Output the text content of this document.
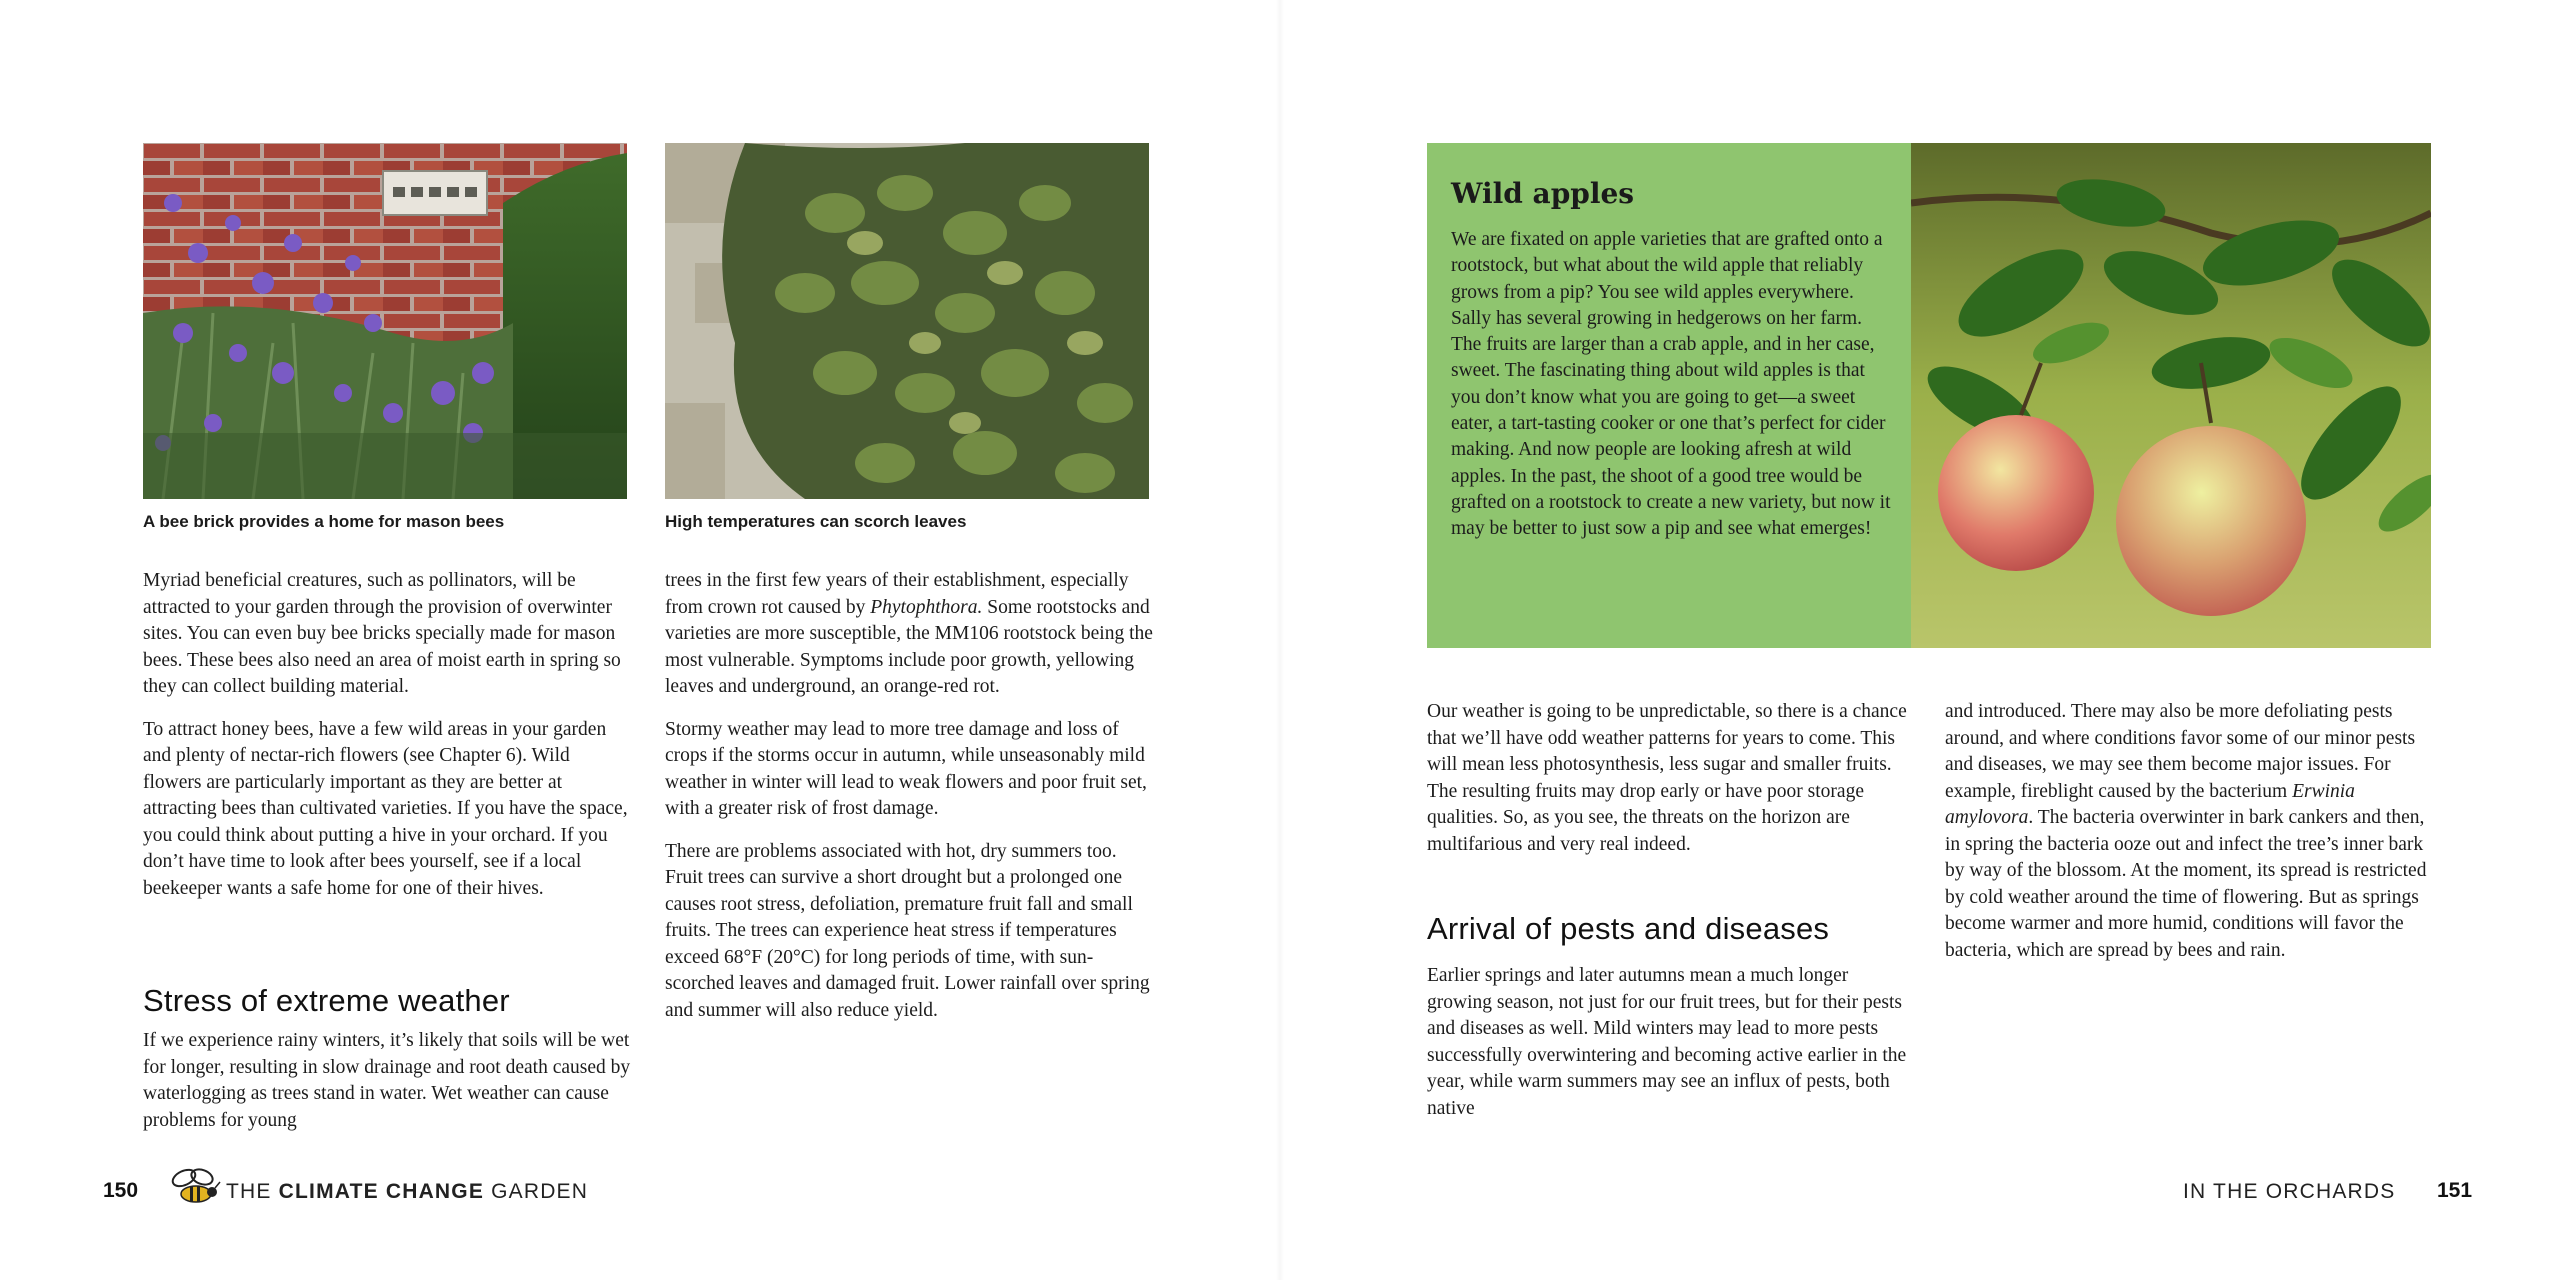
A bee brick provides a home for mason bees	High temperatures can scorch leaves

Myriad beneficial creatures, such as pollinators, will be attracted to your garden through the provision of overwinter sites. You can even buy bee bricks specially made for mason bees. These bees also need an area of moist earth in spring so they can collect building material.

To attract honey bees, have a few wild areas in your garden and plenty of nectar-rich flowers (see Chapter 6). Wild flowers are particularly important as they are better at attracting bees than cultivated varieties. If you have the space, you could think about putting a hive in your orchard. If you don’t have time to look after bees yourself, see if a local beekeeper wants a safe home for one of their hives.

Stress of extreme weather

If we experience rainy winters, it’s likely that soils will be wet for longer, resulting in slow drainage and root death caused by waterlogging as trees stand in water. Wet weather can cause problems for young

trees in the first few years of their establishment, especially from crown rot caused by Phytophthora. Some rootstocks and varieties are more susceptible, the MM106 rootstock being the most vulnerable. Symptoms include poor growth, yellowing leaves and underground, an orange-red rot.

Stormy weather may lead to more tree damage and loss of crops if the storms occur in autumn, while unseasonably mild weather in winter will lead to weak flowers and poor fruit set, with a greater risk of frost damage.

There are problems associated with hot, dry summers too. Fruit trees can survive a short drought but a prolonged one causes root stress, defoliation, premature fruit fall and small fruits. The trees can experience heat stress if temperatures exceed 68°F (20°C) for long periods of time, with sun-scorched leaves and damaged fruit. Lower rainfall over spring and summer will also reduce yield.

150	THE CLIMATE CHANGE GARDEN
Wild apples
We are fixated on apple varieties that are grafted onto a rootstock, but what about the wild apple that reliably grows from a pip? You see wild apples everywhere. Sally has several growing in hedgerows on her farm. The fruits are larger than a crab apple, and in her case, sweet. The fascinating thing about wild apples is that you don’t know what you are going to get—a sweet eater, a tart-tasting cooker or one that’s perfect for cider making. And now people are looking afresh at wild apples. In the past, the shoot of a good tree would be grafted on a rootstock to create a new variety, but now it may be better to just sow a pip and see what emerges!

Our weather is going to be unpredictable, so there is a chance that we’ll have odd weather patterns for years to come. This will mean less photosynthesis, less sugar and smaller fruits. The resulting fruits may drop early or have poor storage qualities. So, as you see, the threats on the horizon are multifarious and very real indeed.

Arrival of pests and diseases

Earlier springs and later autumns mean a much longer growing season, not just for our fruit trees, but for their pests and diseases as well. Mild winters may lead to more pests successfully overwintering and becoming active earlier in the year, while warm summers may see an influx of pests, both native

and introduced. There may also be more defoliating pests around, and where conditions favor some of our minor pests and diseases, we may see them become major issues. For example, fireblight caused by the bacterium Erwinia amylovora. The bacteria overwinter in bark cankers and then, in spring the bacteria ooze out and infect the tree’s inner bark by way of the blossom. At the moment, its spread is restricted by cold weather around the time of flowering. But as springs become warmer and more humid, conditions will favor the bacteria, which are spread by bees and rain.

IN THE ORCHARDS 151
